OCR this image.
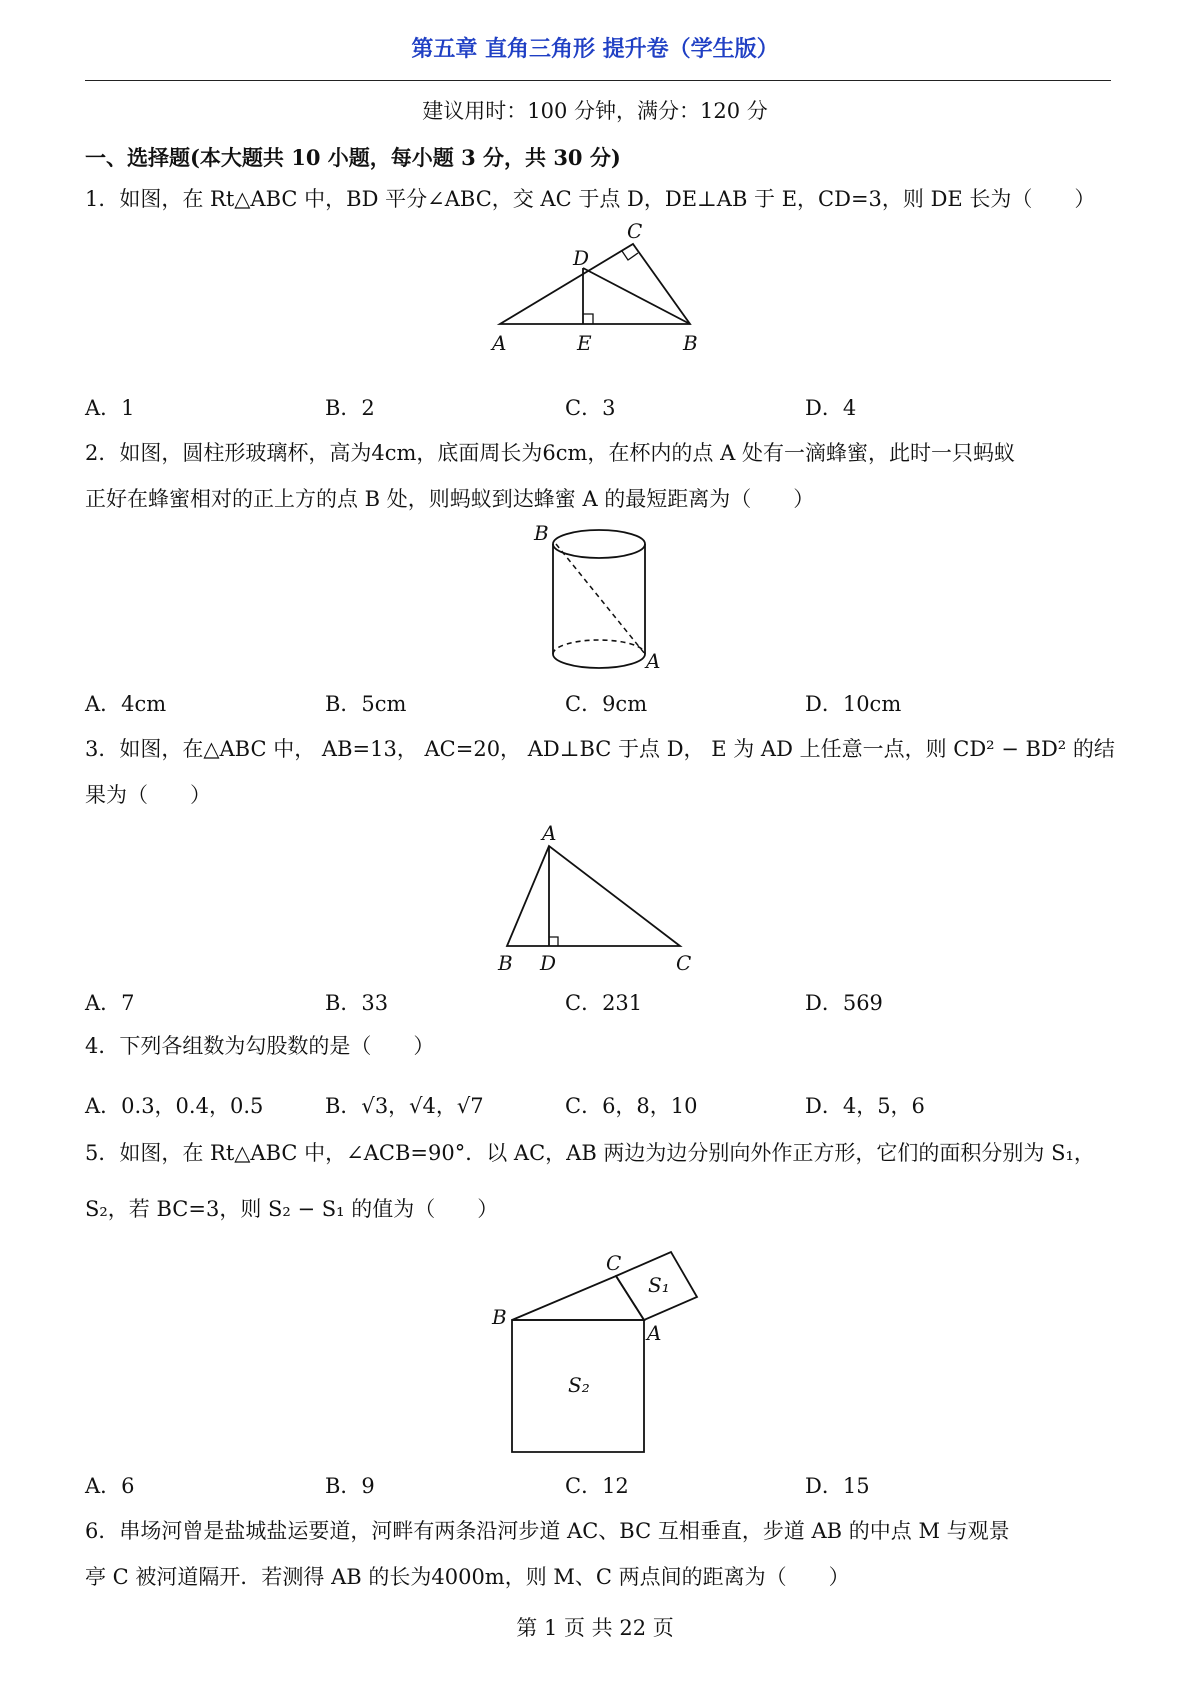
第五章 直角三角形 提升卷（学生版）
建议用时：100 分钟，满分：120 分
一、选择题(本大题共 10 小题，每小题 3 分，共 30 分)
1．如图，在 Rt△ABC 中，BD 平分∠ABC，交 AC 于点 D，DE⊥AB 于 E，CD=3，则 DE 长为（　　）
A	B
C
D
E
A．1	B．2	C．3	D．4
2．如图，圆柱形玻璃杯，高为4cm，底面周长为6cm，在杯内的点 A 处有一滴蜂蜜，此时一只蚂蚁
正好在蜂蜜相对的正上方的点 B 处，则蚂蚁到达蜂蜜 A 的最短距离为（　　）
B
A
A．4cm	B．5cm	C．9cm	D．10cm
3．如图，在△ABC 中， AB=13， AC=20， AD⊥BC 于点 D， E 为 AD 上任意一点，则 CD² − BD² 的结
果为（　　）
A
B	C
D
A．7	B．33	C．231	D．569
4．下列各组数为勾股数的是（　　）
A．0.3，0.4，0.5	B．√3，√4，√7	C．6，8，10	D．4，5，6
5．如图，在 Rt△ABC 中，∠ACB=90°．以 AC，AB 两边为边分别向外作正方形，它们的面积分别为 S₁，
S₂，若 BC=3，则 S₂ − S₁ 的值为（　　）
C
B
A
S₁
S₂
A．6	B．9	C．12	D．15
6．串场河曾是盐城盐运要道，河畔有两条沿河步道 AC、BC 互相垂直，步道 AB 的中点 M 与观景
亭 C 被河道隔开．若测得 AB 的长为4000m，则 M、C 两点间的距离为（　　）
第 1 页 共 22 页
